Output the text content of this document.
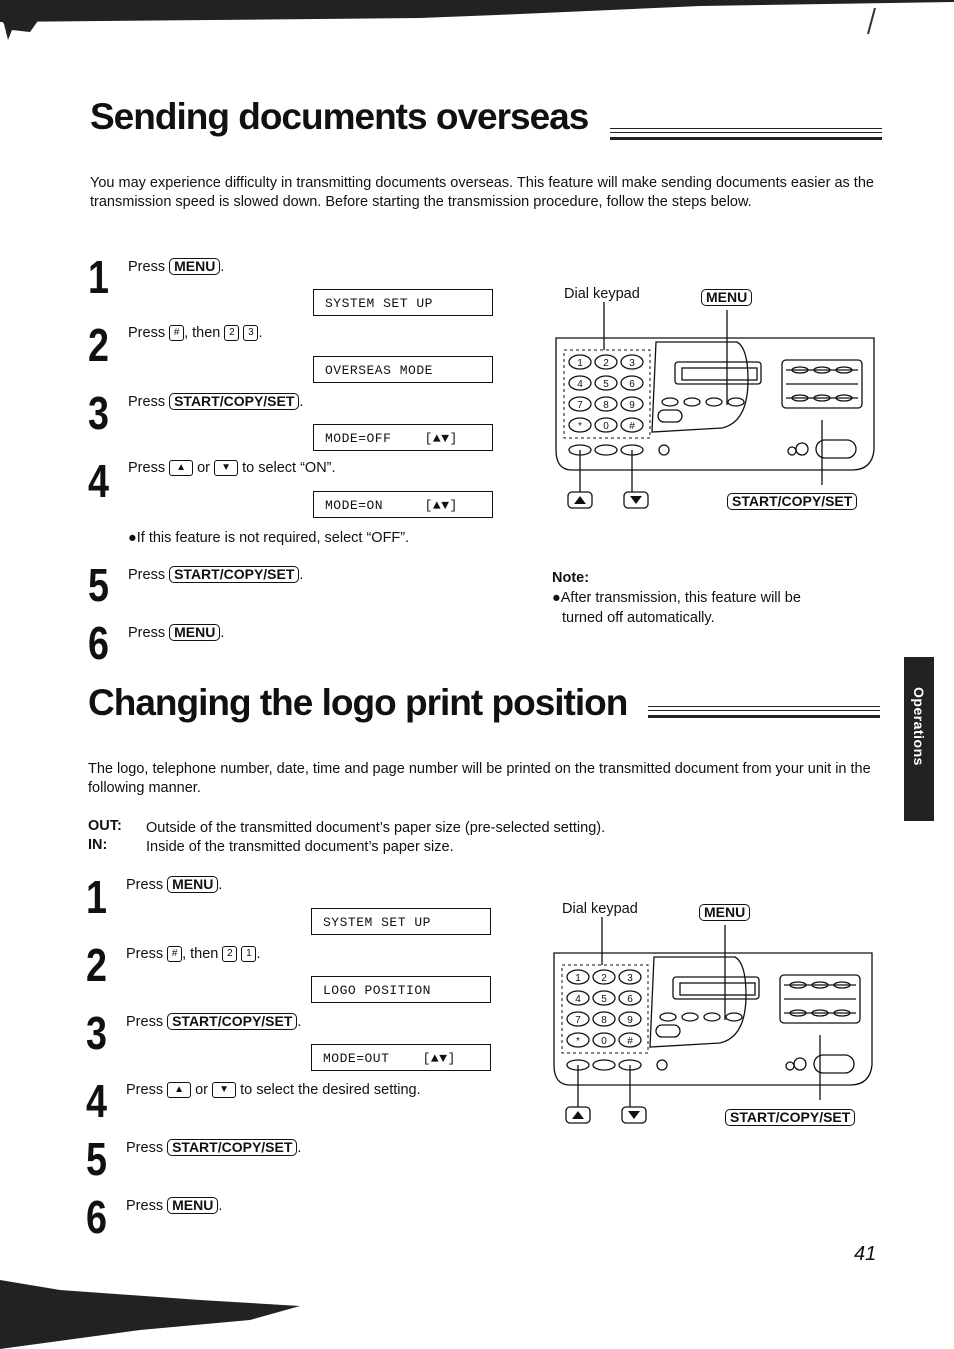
Sending documents overseas
You may experience difficulty in transmitting documents overseas. This feature will make sending documents easier as the transmission speed is slowed down. Before starting the transmission procedure, follow the steps below.
1 Press MENU .
SYSTEM SET UP
2 Press # , then 2 3 .
OVERSEAS MODE
3 Press START/COPY/SET .
MODE=OFF    [▲▼]
4 Press ▲ or ▼ to select “ON”.
MODE=ON     [▲▼]
●If this feature is not required, select “OFF”.
5 Press START/COPY/SET .
6 Press MENU .
Note:
●After transmission, this feature will be
turned off automatically.
Dial keypad	MENU
START/COPY/SET
1 2 3
4 5 6
7 8 9
* 0 #
Changing the logo print position
The logo, telephone number, date, time and page number will be printed on the transmitted document from your unit in the following manner.
OUT: Outside of the transmitted document’s paper size (pre-selected setting).
IN:	Inside of the transmitted document’s paper size.
1 Press MENU .
SYSTEM SET UP
2 Press # , then 2 1 .
LOGO POSITION
3 Press START/COPY/SET .
MODE=OUT    [▲▼]
4 Press ▲ or ▼ to select the desired setting.
5 Press START/COPY/SET .
6 Press MENU .
Dial keypad	MENU
START/COPY/SET
1 2 3
4 5 6
7 8 9
* 0 #
Operations
41
